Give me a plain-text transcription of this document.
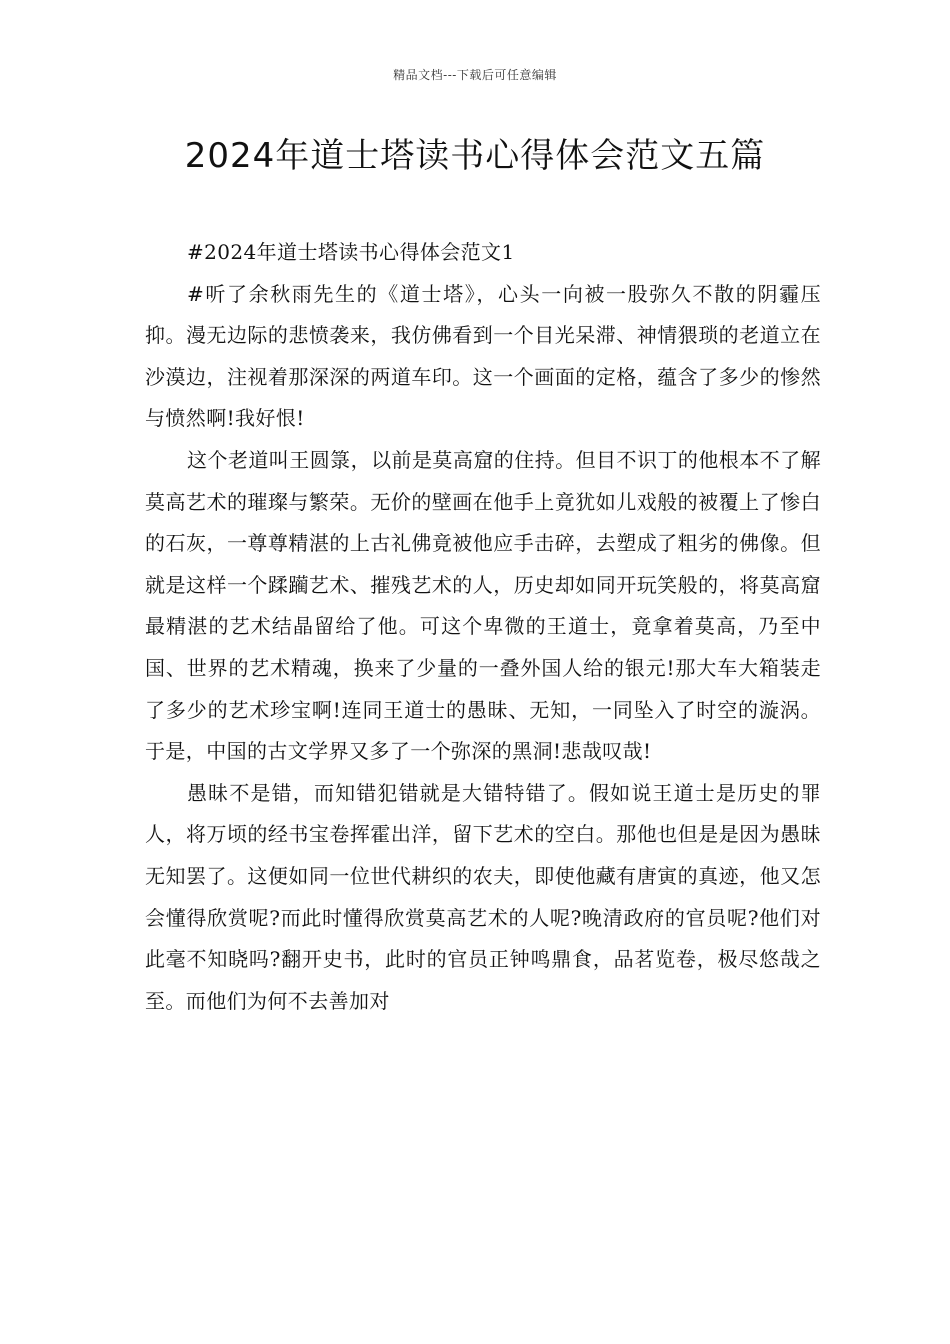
精品文档---下载后可任意编辑
2024年道士塔读书心得体会范文五篇

#2024年道士塔读书心得体会范文1

#听了余秋雨先生的《道士塔》，心头一向被一股弥久不散的阴霾压抑。漫无边际的悲愤袭来，我仿佛看到一个目光呆滞、神情猥琐的老道立在沙漠边，注视着那深深的两道车印。这一个画面的定格，蕴含了多少的惨然与愤然啊!我好恨!

这个老道叫王圆箓，以前是莫高窟的住持。但目不识丁的他根本不了解莫高艺术的璀璨与繁荣。无价的壁画在他手上竟犹如儿戏般的被覆上了惨白的石灰，一尊尊精湛的上古礼佛竟被他应手击碎，去塑成了粗劣的佛像。但就是这样一个蹂躏艺术、摧残艺术的人，历史却如同开玩笑般的，将莫高窟最精湛的艺术结晶留给了他。可这个卑微的王道士，竟拿着莫高，乃至中国、世界的艺术精魂，换来了少量的一叠外国人给的银元!那大车大箱装走了多少的艺术珍宝啊!连同王道士的愚昧、无知，一同坠入了时空的漩涡。于是，中国的古文学界又多了一个弥深的黑洞!悲哉叹哉!

愚昧不是错，而知错犯错就是大错特错了。假如说王道士是历史的罪人，将万顷的经书宝卷挥霍出洋，留下艺术的空白。那他也但是是因为愚昧无知罢了。这便如同一位世代耕织的农夫，即使他藏有唐寅的真迹，他又怎会懂得欣赏呢?而此时懂得欣赏莫高艺术的人呢?晚清政府的官员呢?他们对此毫不知晓吗?翻开史书，此时的官员正钟鸣鼎食，品茗览卷，极尽悠哉之至。而他们为何不去善加对
